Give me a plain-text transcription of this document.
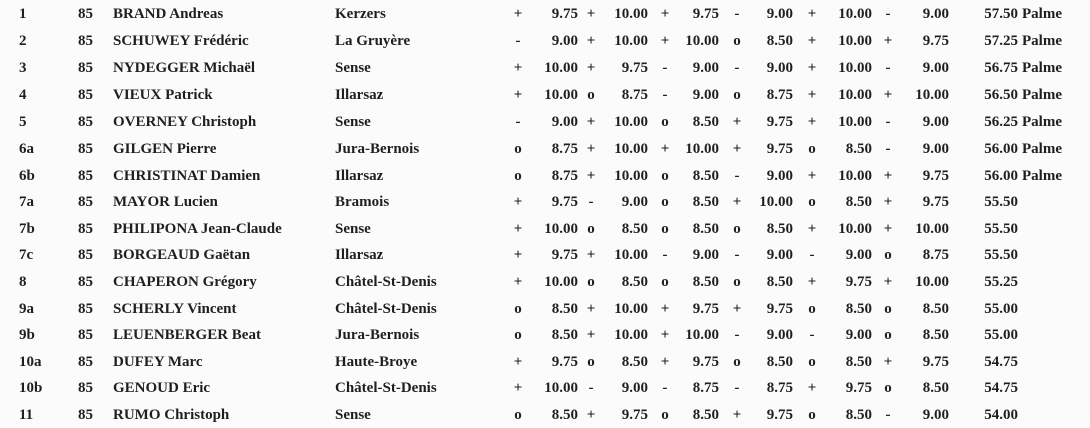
1	85 BRAND Andreas	Kerzers	+	9.75 +	10.00 +	9.75 -	9.00 +	10.00 -	9.00	57.50 Palme
2	85 SCHUWEY Frédéric	La Gruyère	-	9.00 +	10.00 +	10.00 o	8.50 +	10.00 +	9.75	57.25 Palme
3	85 NYDEGGER Michaël	Sense	+	10.00 +	9.75 -	9.00 -	9.00 +	10.00 -	9.00	56.75 Palme
4	85 VIEUX Patrick	Illarsaz	+	10.00 o	8.75 -	9.00 o	8.75 +	10.00 +	10.00	56.50 Palme
5	85 OVERNEY Christoph	Sense	-	9.00 +	10.00 o	8.50 +	9.75 +	10.00 -	9.00	56.25 Palme
6a	85 GILGEN Pierre	Jura-Bernois	o	8.75 +	10.00 +	10.00 +	9.75 o	8.50 -	9.00	56.00 Palme
6b	85 CHRISTINAT Damien	Illarsaz	o	8.75 +	10.00 o	8.50 -	9.00 +	10.00 +	9.75	56.00 Palme
7a	85 MAYOR Lucien	Bramois	+	9.75 -	9.00 o	8.50 +	10.00 o	8.50 +	9.75	55.50
7b	85 PHILIPONA Jean-Claude	Sense	+	10.00 o	8.50 o	8.50 o	8.50 +	10.00 +	10.00	55.50
7c	85 BORGEAUD Gaëtan	Illarsaz	+	9.75 +	10.00 -	9.00 -	9.00 -	9.00 o	8.75	55.50
8	85 CHAPERON Grégory	Châtel-St-Denis	+	10.00 o	8.50 o	8.50 o	8.50 +	9.75 +	10.00	55.25
9a	85 SCHERLY Vincent	Châtel-St-Denis	o	8.50 +	10.00 +	9.75 +	9.75 o	8.50 o	8.50	55.00
9b	85 LEUENBERGER Beat	Jura-Bernois	o	8.50 +	10.00 +	10.00 -	9.00 -	9.00 o	8.50	55.00
10a 85 DUFEY Marc	Haute-Broye	+	9.75 o	8.50 +	9.75 o	8.50 o	8.50 +	9.75	54.75
10b 85 GENOUD Eric	Châtel-St-Denis	+	10.00 -	9.00 -	8.75 -	8.75 +	9.75 o	8.50	54.75
11	85 RUMO Christoph	Sense	o	8.50 +	9.75 o	8.50 +	9.75 o	8.50 -	9.00	54.00
